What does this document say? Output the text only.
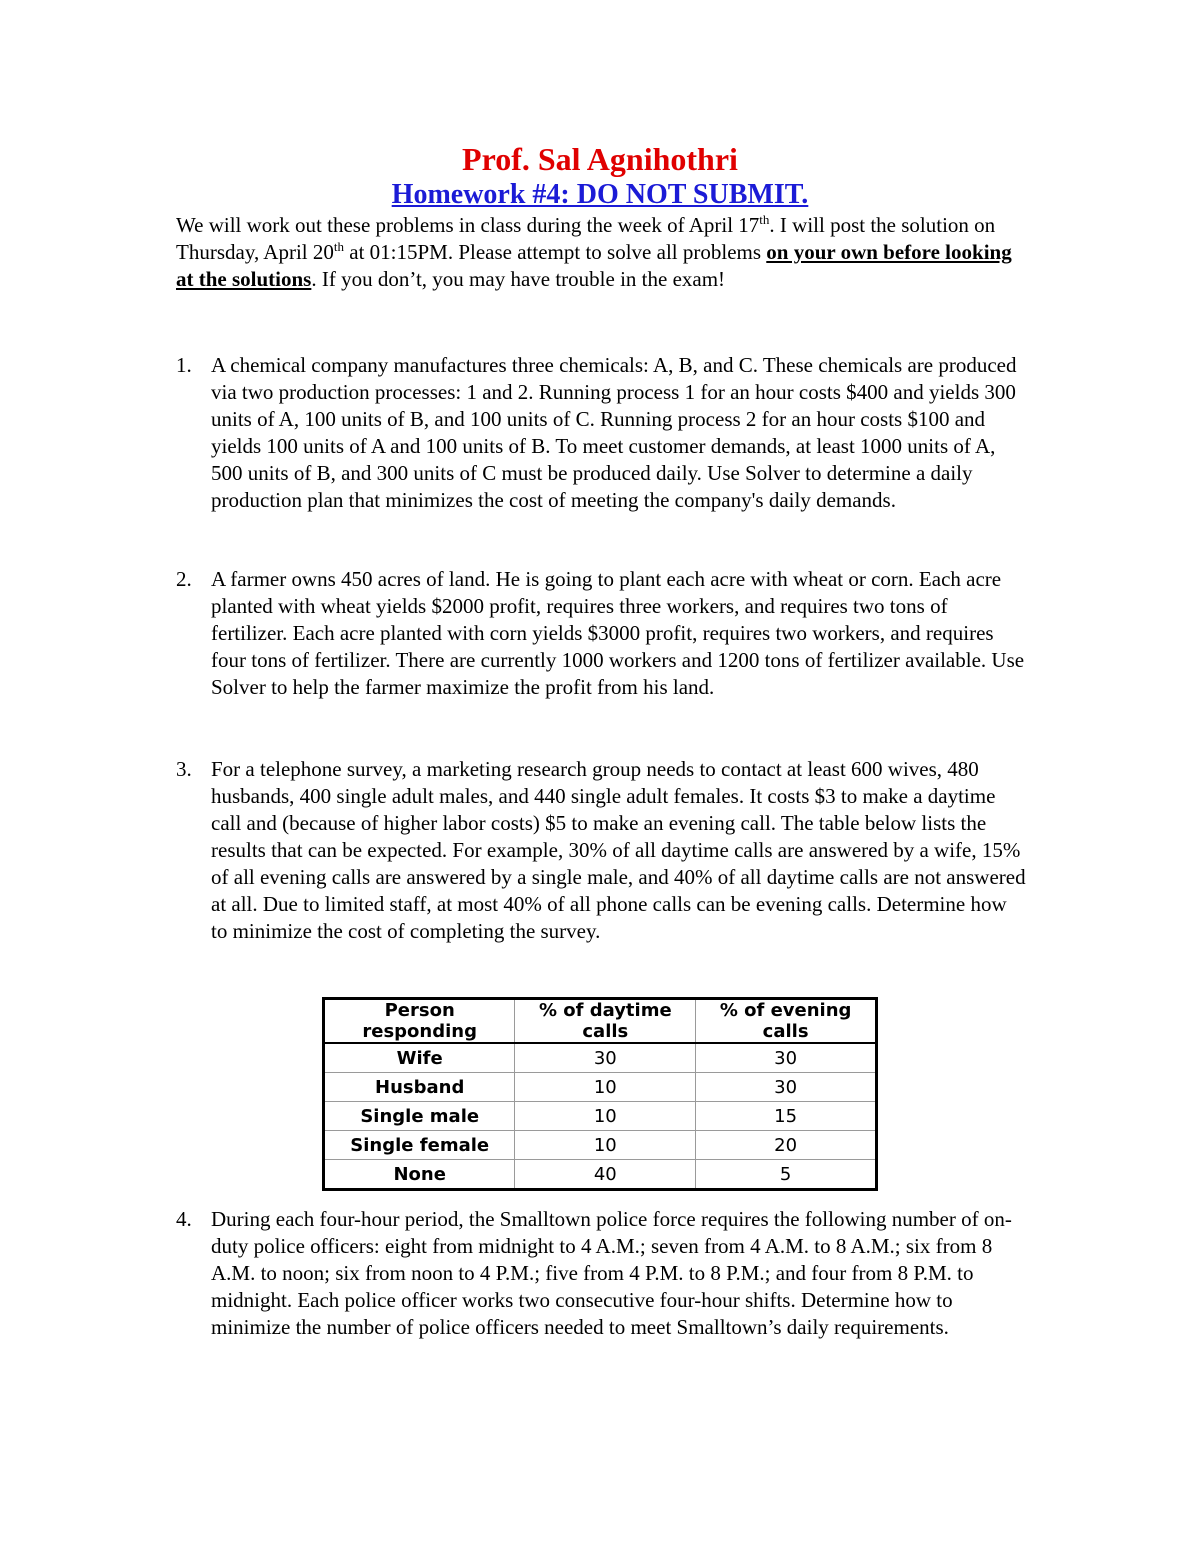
Prof. Sal Agnihothri
Homework #4: DO NOT SUBMIT.
We will work out these problems in class during the week of April 17th. I will post the solution on Thursday, April 20th at 01:15PM. Please attempt to solve all problems on your own before looking at the solutions. If you don’t, you may have trouble in the exam!
1. A chemical company manufactures three chemicals: A, B, and C. These chemicals are produced via two production processes: 1 and 2. Running process 1 for an hour costs $400 and yields 300 units of A, 100 units of B, and 100 units of C. Running process 2 for an hour costs $100 and yields 100 units of A and 100 units of B. To meet customer demands, at least 1000 units of A, 500 units of B, and 300 units of C must be produced daily. Use Solver to determine a daily production plan that minimizes the cost of meeting the company's daily demands.
2. A farmer owns 450 acres of land. He is going to plant each acre with wheat or corn. Each acre planted with wheat yields $2000 profit, requires three workers, and requires two tons of fertilizer. Each acre planted with corn yields $3000 profit, requires two workers, and requires four tons of fertilizer. There are currently 1000 workers and 1200 tons of fertilizer available. Use Solver to help the farmer maximize the profit from his land.
3. For a telephone survey, a marketing research group needs to contact at least 600 wives, 480 husbands, 400 single adult males, and 440 single adult females. It costs $3 to make a daytime call and (because of higher labor costs) $5 to make an evening call. The table below lists the results that can be expected. For example, 30% of all daytime calls are answered by a wife, 15% of all evening calls are answered by a single male, and 40% of all daytime calls are not answered at all. Due to limited staff, at most 40% of all phone calls can be evening calls. Determine how to minimize the cost of completing the survey.
Person responding	% of daytime calls	% of evening calls
Wife	30	30
Husband	10	30
Single male	10	15
Single female	10	20
None	40	5
4. During each four-hour period, the Smalltown police force requires the following number of on-duty police officers: eight from midnight to 4 A.M.; seven from 4 A.M. to 8 A.M.; six from 8 A.M. to noon; six from noon to 4 P.M.; five from 4 P.M. to 8 P.M.; and four from 8 P.M. to midnight. Each police officer works two consecutive four-hour shifts. Determine how to minimize the number of police officers needed to meet Smalltown’s daily requirements.
